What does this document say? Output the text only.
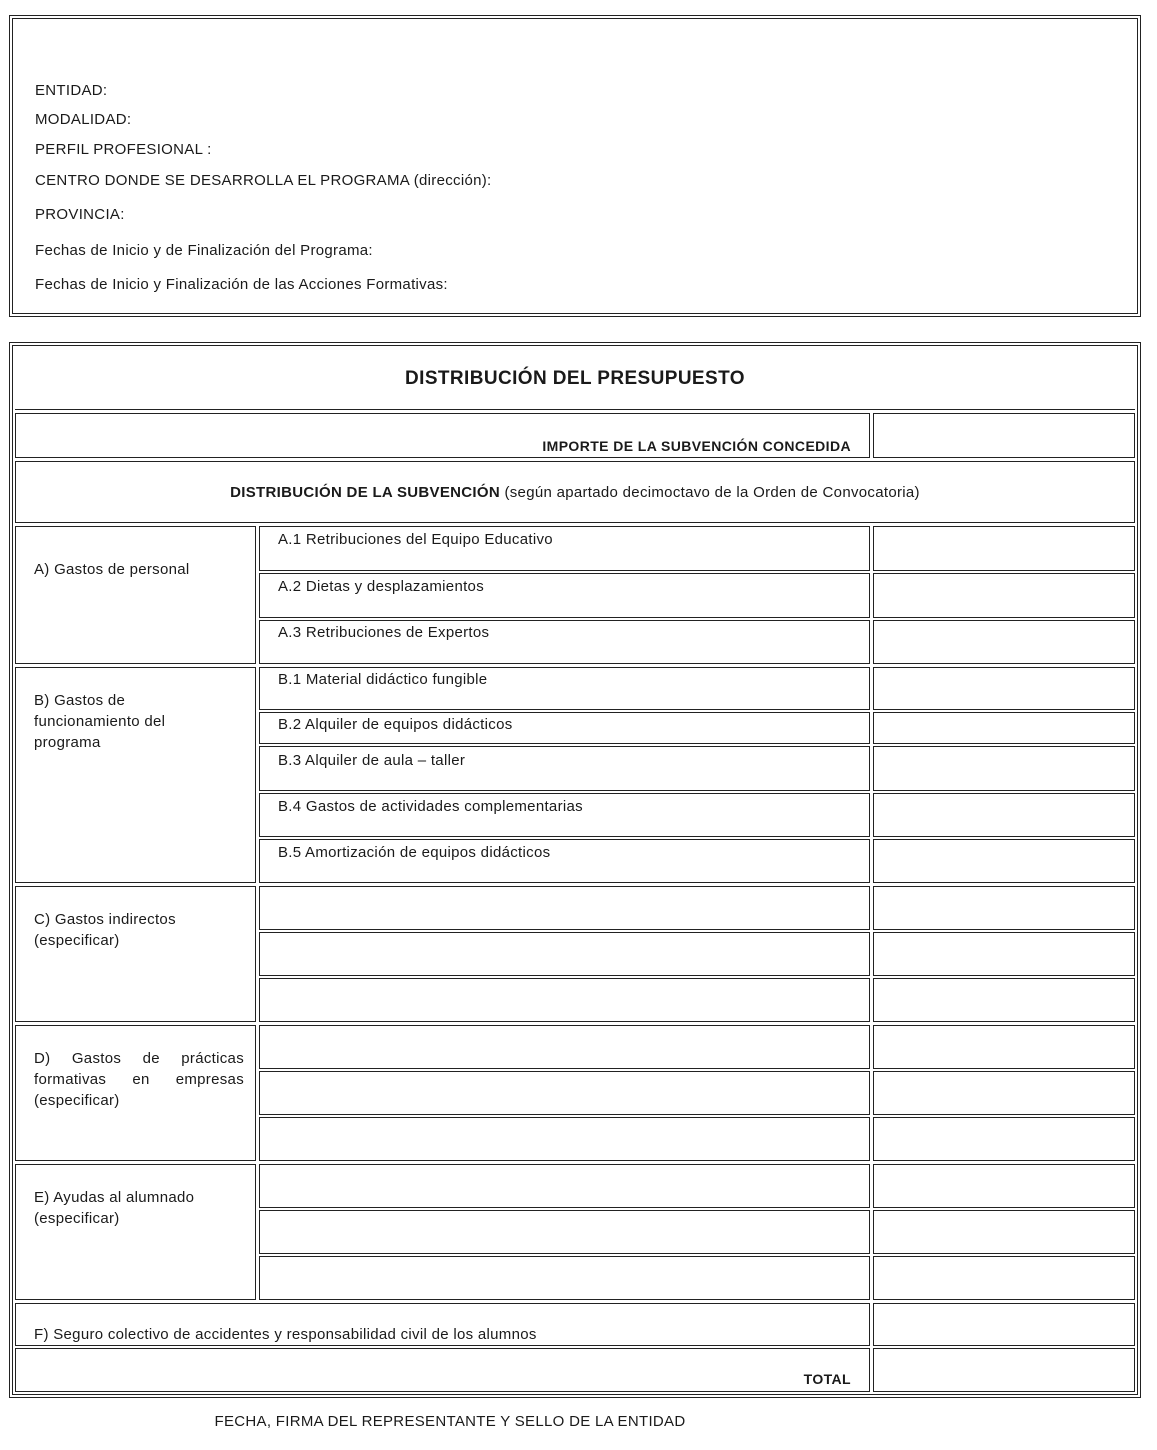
ENTIDAD:
MODALIDAD:
PERFIL PROFESIONAL :
CENTRO DONDE SE DESARROLLA EL PROGRAMA (dirección):
PROVINCIA:
Fechas de Inicio y de Finalización del Programa:
Fechas de Inicio y Finalización de las Acciones Formativas:
DISTRIBUCIÓN DEL PRESUPUESTO
IMPORTE DE LA SUBVENCIÓN CONCEDIDA
DISTRIBUCIÓN DE LA SUBVENCIÓN (según apartado decimoctavo de la Orden de Convocatoria)
A) Gastos de personal
A.1 Retribuciones del Equipo Educativo
A.2 Dietas y desplazamientos
A.3 Retribuciones de Expertos
B) Gastos de funcionamiento del programa
B.1 Material didáctico fungible
B.2 Alquiler de equipos didácticos
B.3 Alquiler de aula – taller
B.4 Gastos de actividades complementarias
B.5 Amortización de equipos didácticos
C) Gastos indirectos (especificar)
D) Gastos de prácticas formativas en empresas (especificar)
E) Ayudas al alumnado (especificar)
F) Seguro colectivo de accidentes y responsabilidad civil de los alumnos
TOTAL
FECHA, FIRMA DEL REPRESENTANTE Y SELLO DE LA ENTIDAD
